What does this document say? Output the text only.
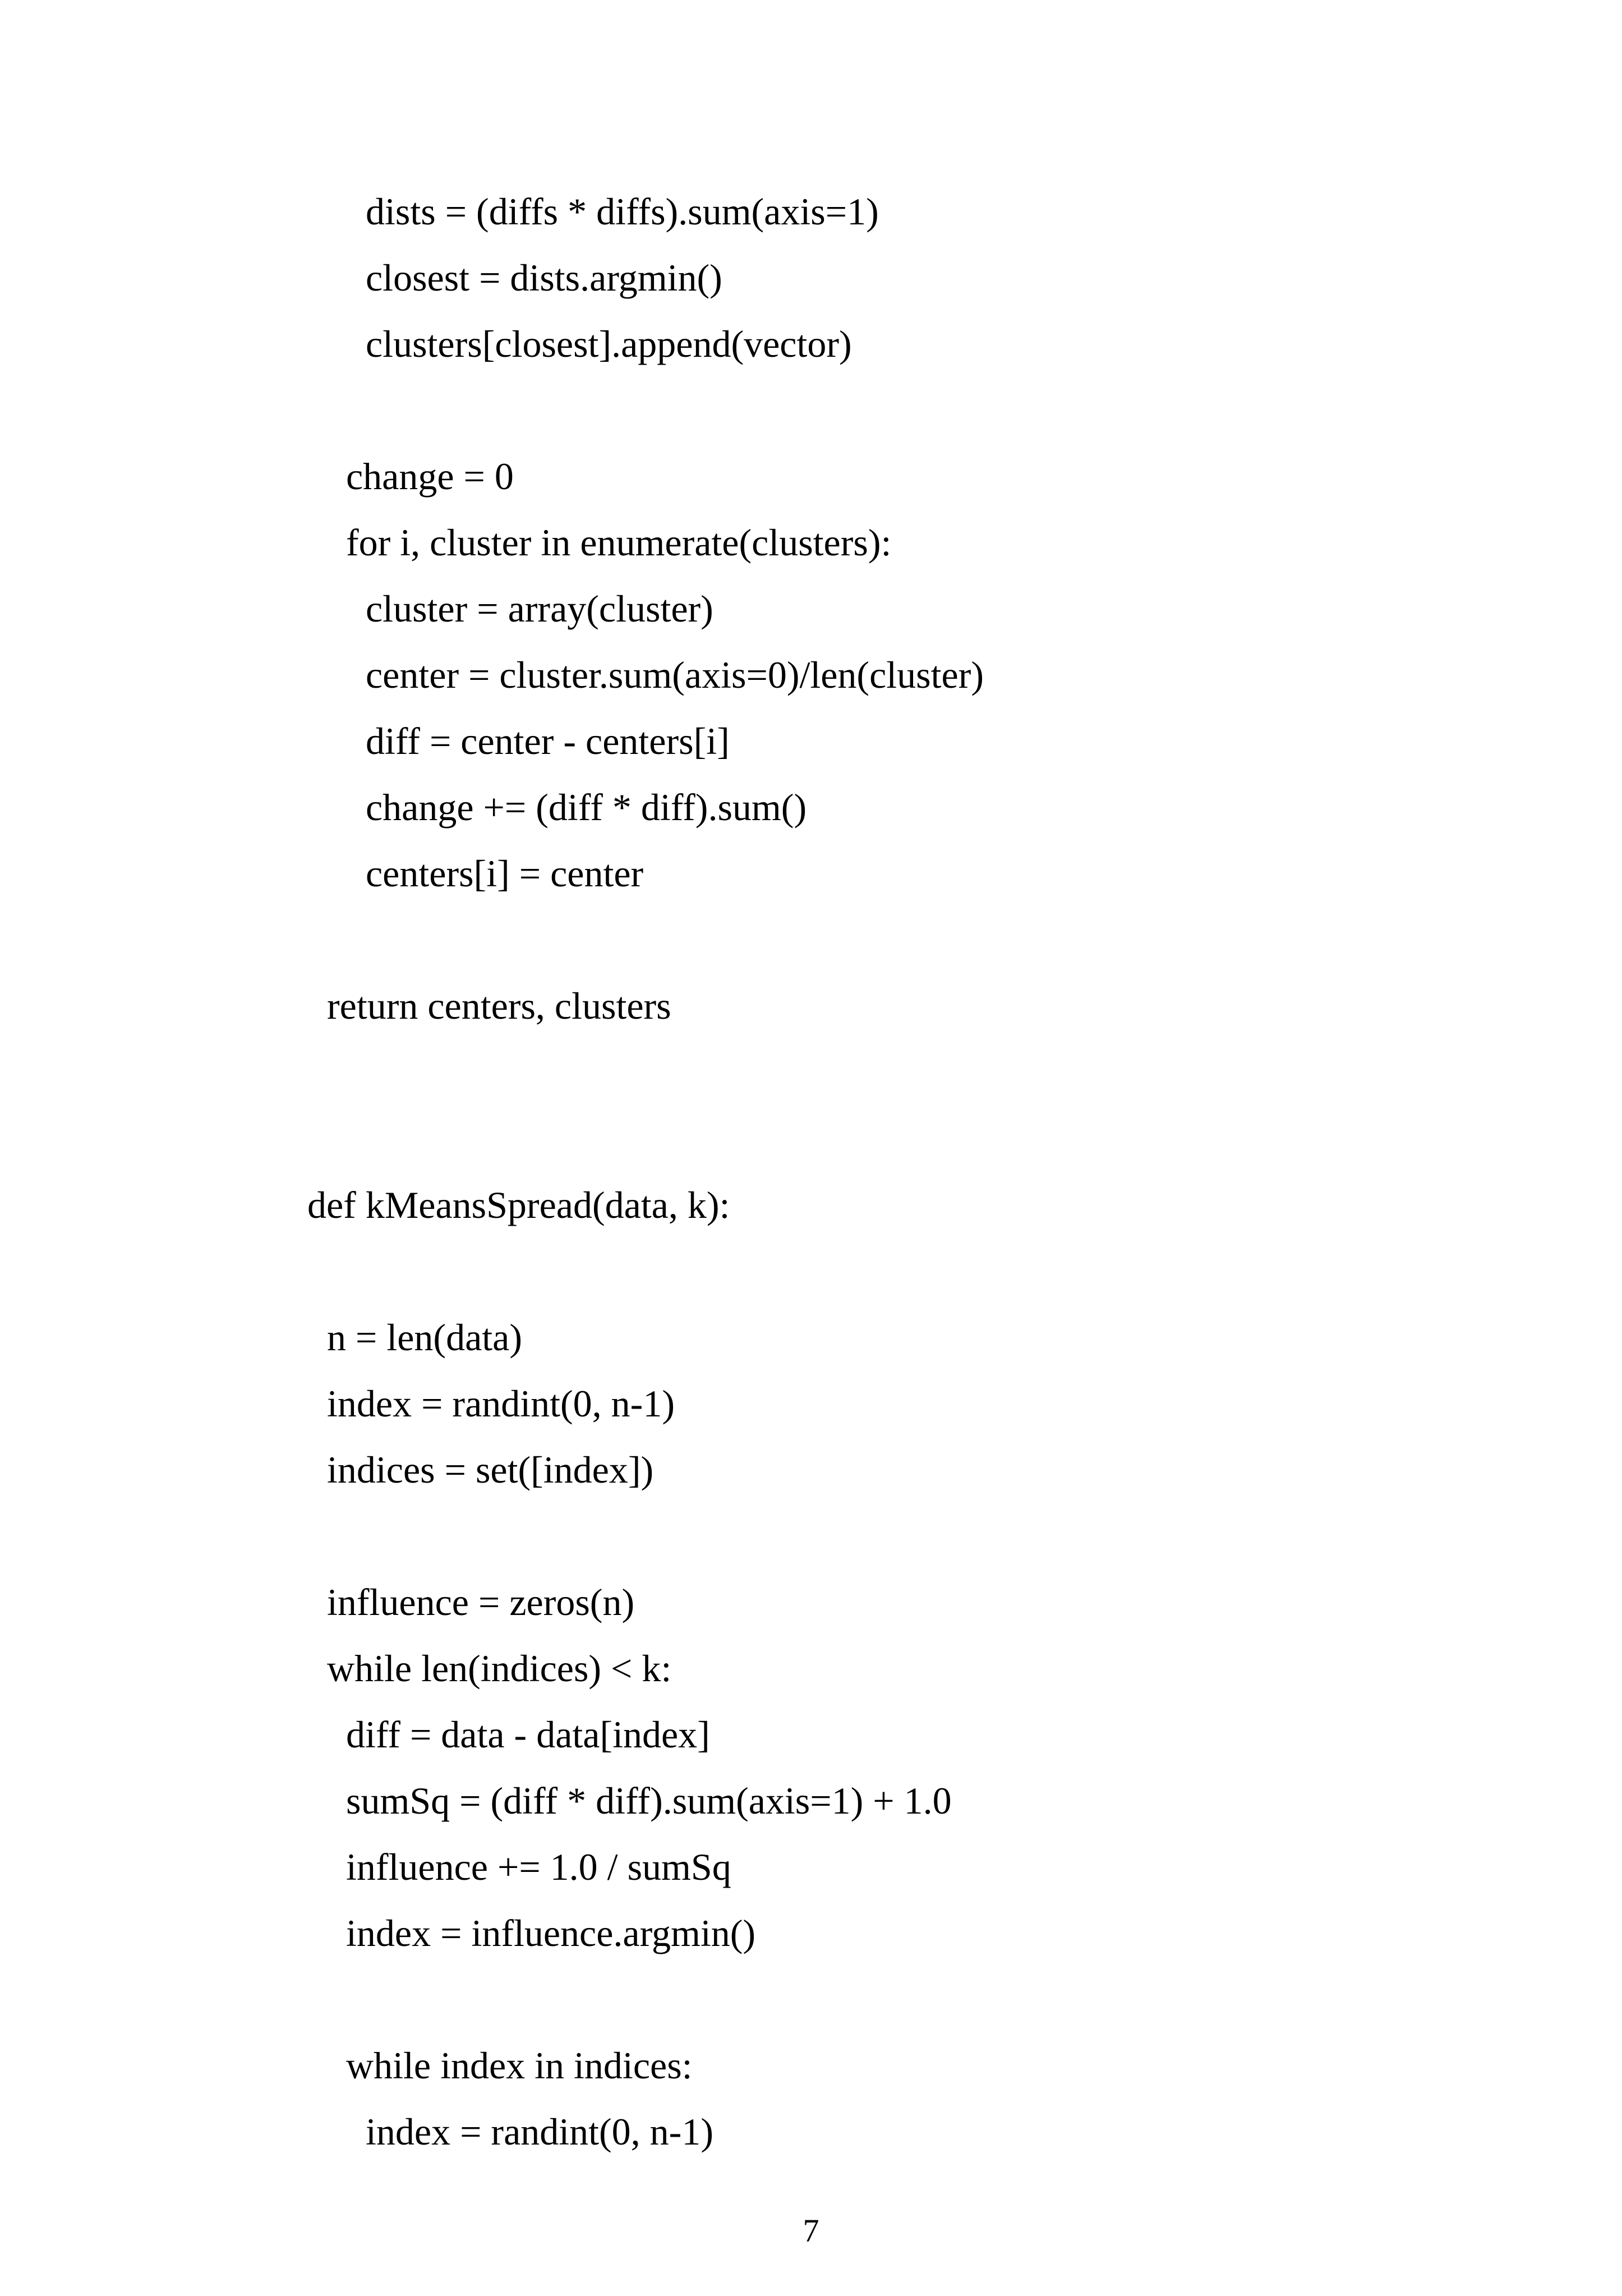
dists = (diffs * diffs).sum(axis=1)
closest = dists.argmin()
clusters[closest].append(vector)
change = 0
for i, cluster in enumerate(clusters):
cluster = array(cluster)
center = cluster.sum(axis=0)/len(cluster)
diff = center - centers[i]
change += (diff * diff).sum()
centers[i] = center
return centers, clusters
def kMeansSpread(data, k):
n = len(data)
index = randint(0, n-1)
indices = set([index])
influence = zeros(n)
while len(indices) < k:
diff = data - data[index]
sumSq = (diff * diff).sum(axis=1) + 1.0
influence += 1.0 / sumSq
index = influence.argmin()
while index in indices:
index = randint(0, n-1)
7
